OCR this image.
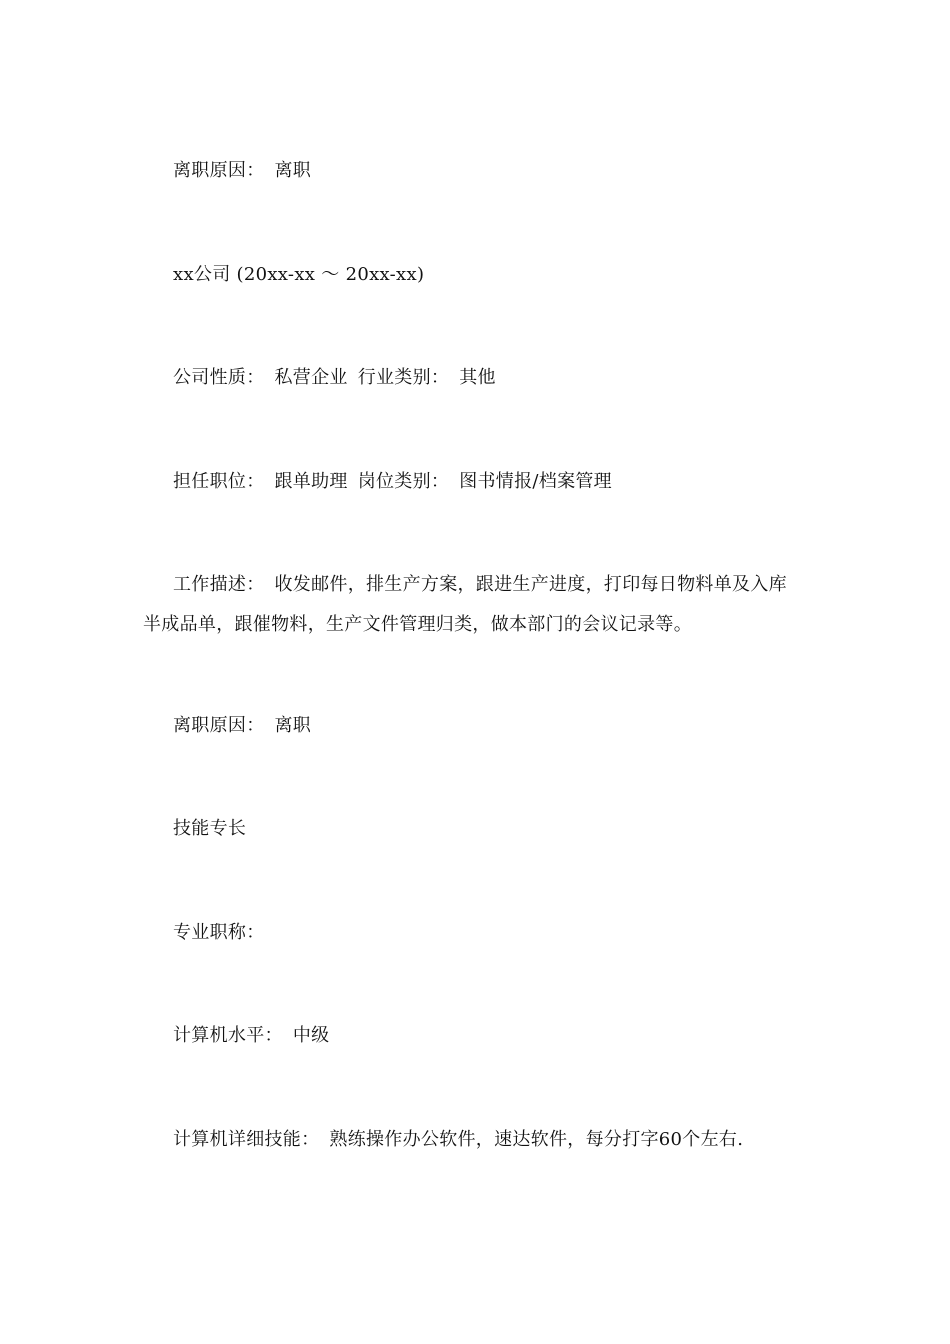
离职原因： 离职
xx公司 (20xx-xx ～ 20xx-xx)
公司性质： 私营企业 行业类别： 其他
担任职位： 跟单助理 岗位类别： 图书情报/档案管理
工作描述： 收发邮件，排生产方案，跟进生产进度，打印每日物料单及入库半成品单，跟催物料，生产文件管理归类，做本部门的会议记录等。
离职原因： 离职
技能专长
专业职称：
计算机水平： 中级
计算机详细技能： 熟练操作办公软件，速达软件，每分打字60个左右.
